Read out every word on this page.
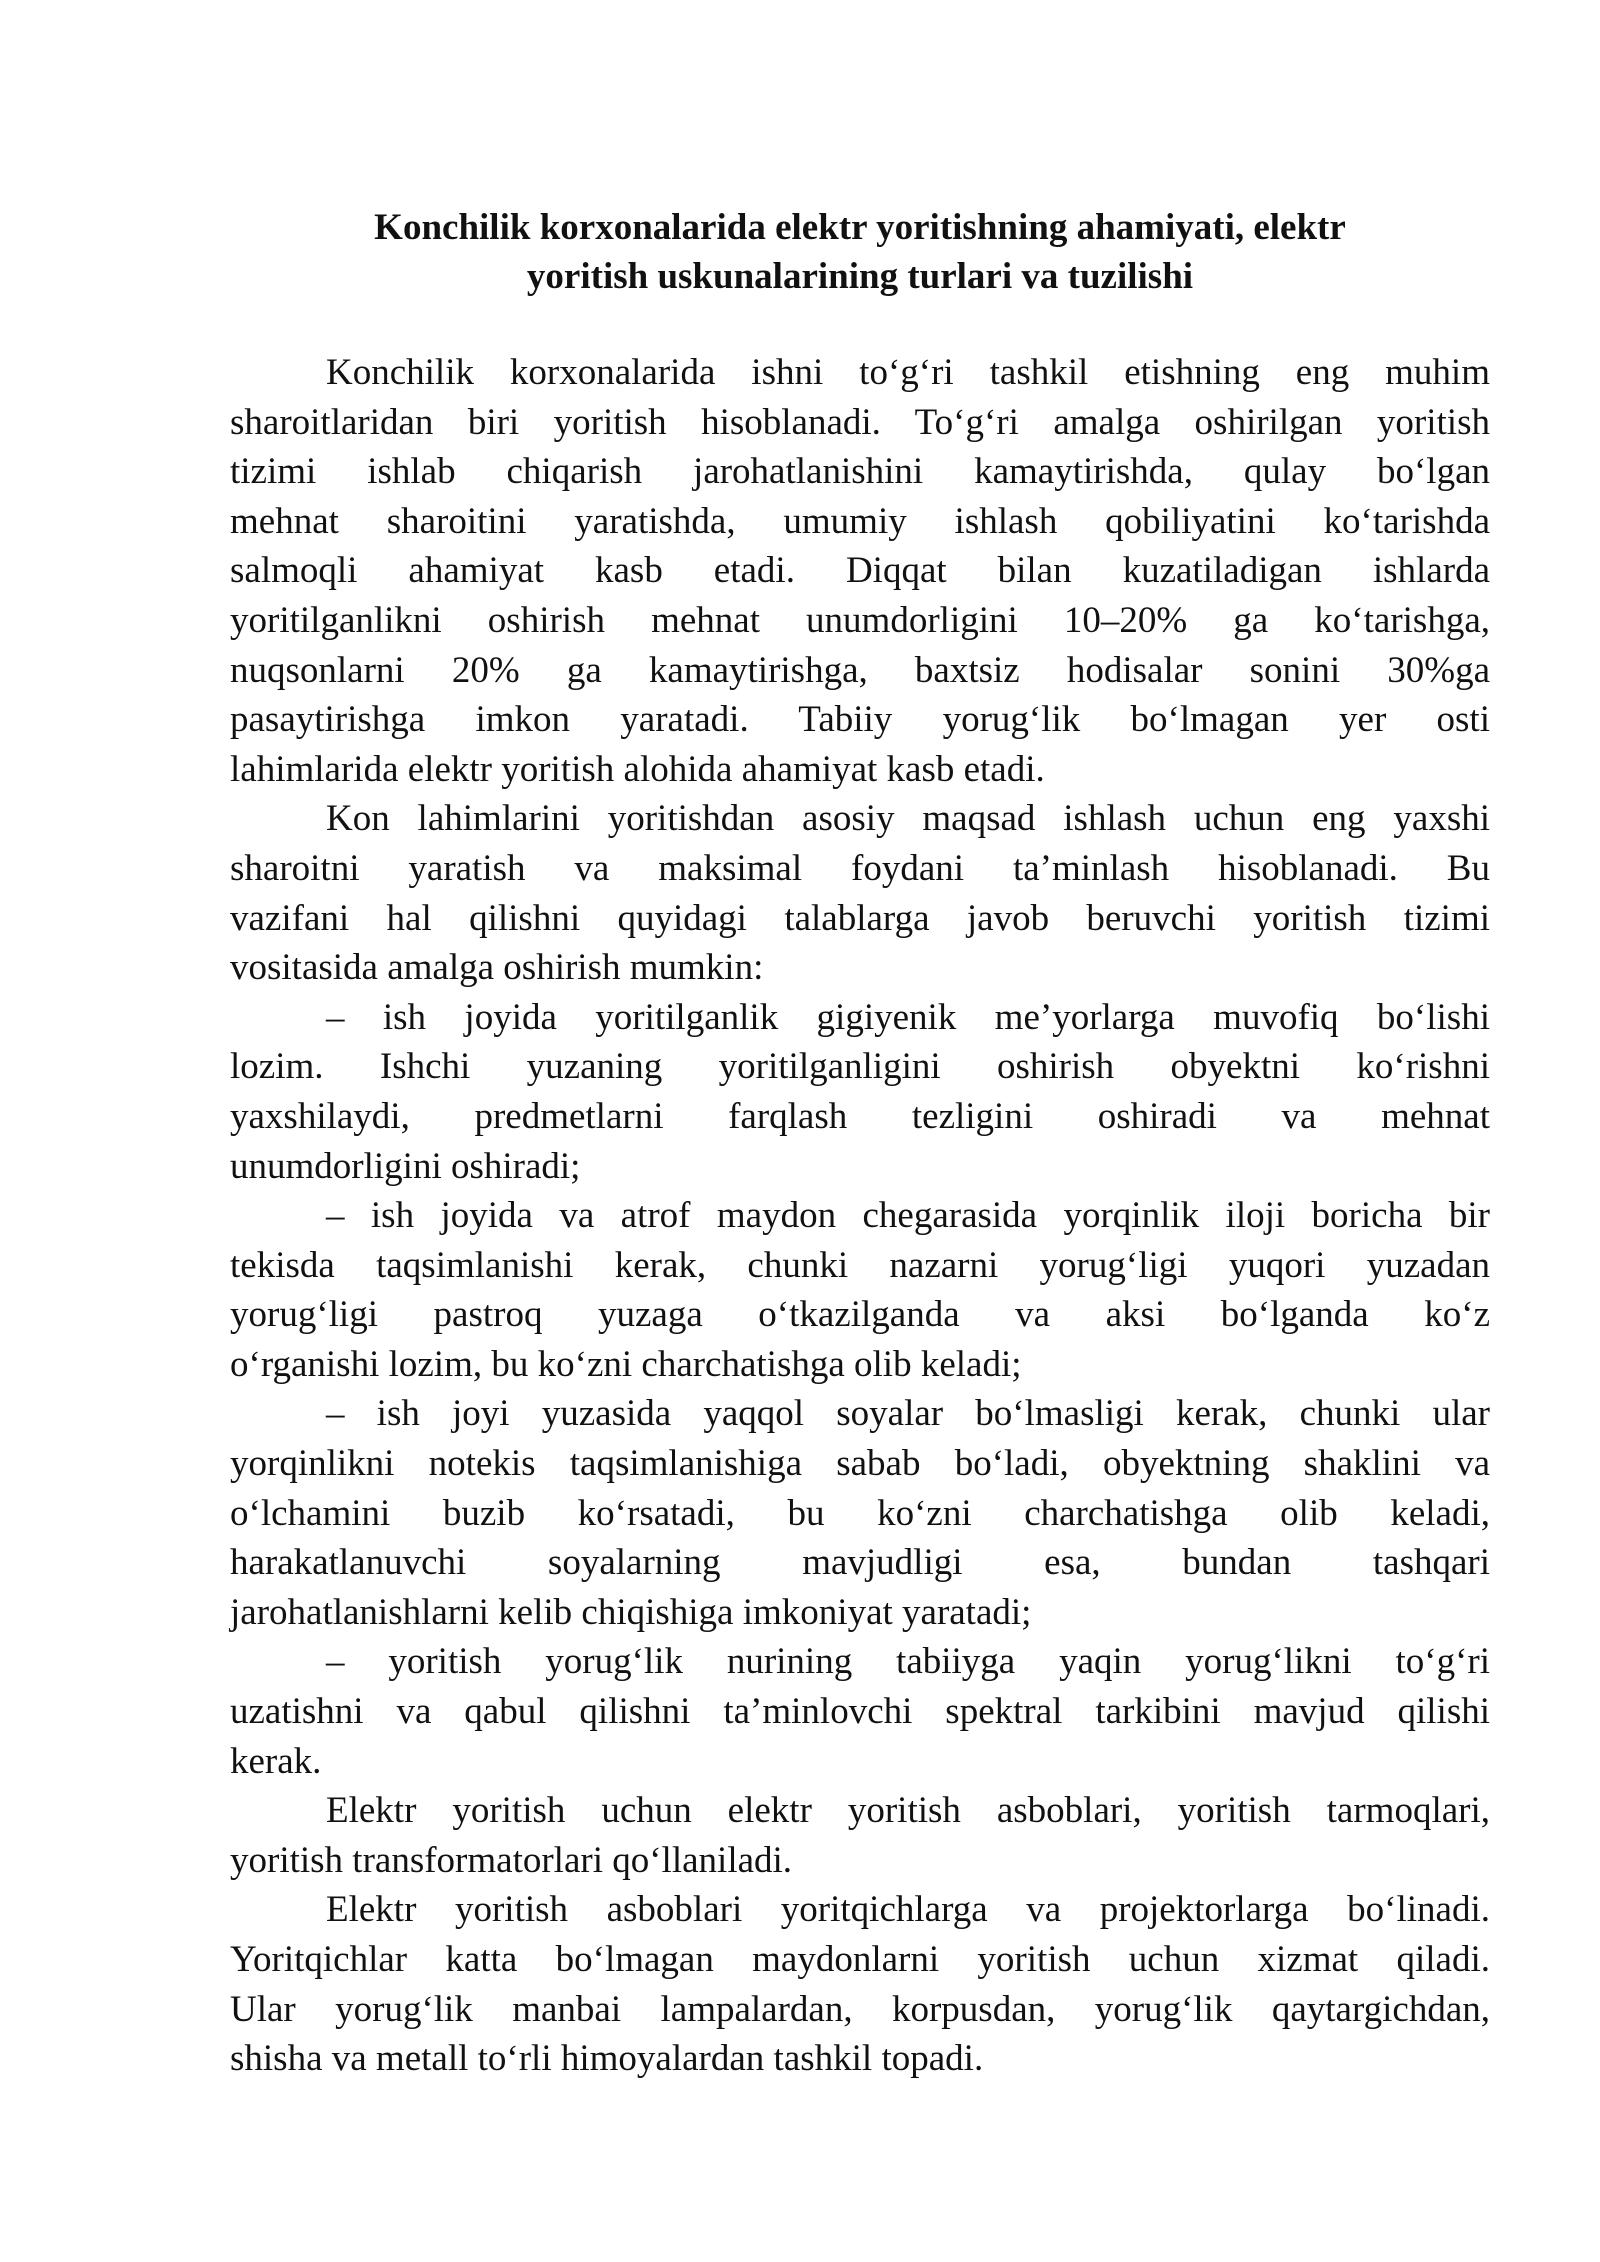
Konchilik korxonalarida elektr yoritishning ahamiyati, elektr
yoritish uskunalarining turlari va tuzilishi

Konchilik korxonalarida ishni to‘g‘ri tashkil etishning eng muhim
sharoitlaridan biri yoritish hisoblanadi. To‘g‘ri amalga oshirilgan yoritish
tizimi ishlab chiqarish jarohatlanishini kamaytirishda, qulay bo‘lgan
mehnat sharoitini yaratishda, umumiy ishlash qobiliyatini ko‘tarishda
salmoqli ahamiyat kasb etadi. Diqqat bilan kuzatiladigan ishlarda
yoritilganlikni oshirish mehnat unumdorligini 10–20% ga ko‘tarishga,
nuqsonlarni 20% ga kamaytirishga, baxtsiz hodisalar sonini 30%ga
pasaytirishga imkon yaratadi. Tabiiy yorug‘lik bo‘lmagan yer osti
lahimlarida elektr yoritish alohida ahamiyat kasb etadi.

Kon lahimlarini yoritishdan asosiy maqsad ishlash uchun eng yaxshi
sharoitni yaratish va maksimal foydani ta’minlash hisoblanadi. Bu
vazifani hal qilishni quyidagi talablarga javob beruvchi yoritish tizimi
vositasida amalga oshirish mumkin:

– ish joyida yoritilganlik gigiyenik me’yorlarga muvofiq bo‘lishi
lozim. Ishchi yuzaning yoritilganligini oshirish obyektni ko‘rishni
yaxshilaydi, predmetlarni farqlash tezligini oshiradi va mehnat
unumdorligini oshiradi;

– ish joyida va atrof maydon chegarasida yorqinlik iloji boricha bir
tekisda taqsimlanishi kerak, chunki nazarni yorug‘ligi yuqori yuzadan
yorug‘ligi pastroq yuzaga o‘tkazilganda va aksi bo‘lganda ko‘z
o‘rganishi lozim, bu ko‘zni charchatishga olib keladi;

– ish joyi yuzasida yaqqol soyalar bo‘lmasligi kerak, chunki ular
yorqinlikni notekis taqsimlanishiga sabab bo‘ladi, obyektning shaklini va
o‘lchamini buzib ko‘rsatadi, bu ko‘zni charchatishga olib keladi,
harakatlanuvchi soyalarning mavjudligi esa, bundan tashqari
jarohatlanishlarni kelib chiqishiga imkoniyat yaratadi;

– yoritish yorug‘lik nurining tabiiyga yaqin yorug‘likni to‘g‘ri
uzatishni va qabul qilishni ta’minlovchi spektral tarkibini mavjud qilishi
kerak.

Elektr yoritish uchun elektr yoritish asboblari, yoritish tarmoqlari,
yoritish transformatorlari qo‘llaniladi.

Elektr yoritish asboblari yoritqichlarga va projektorlarga bo‘linadi.
Yoritqichlar katta bo‘lmagan maydonlarni yoritish uchun xizmat qiladi.
Ular yorug‘lik manbai lampalardan, korpusdan, yorug‘lik qaytargichdan,
shisha va metall to‘rli himoyalardan tashkil topadi.
